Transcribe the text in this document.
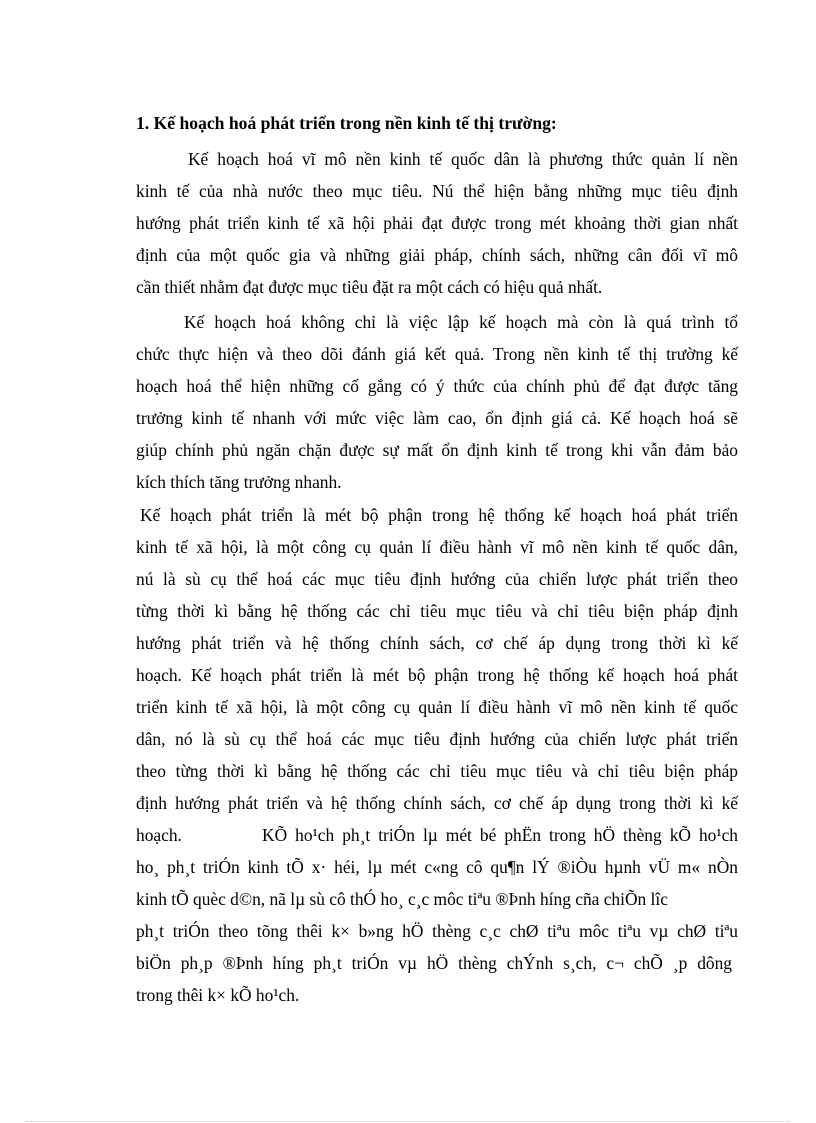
1. Kế hoạch hoá phát triển trong nền kinh tế thị trường:
Kế hoạch hoá vĩ mô nền kinh tế quốc dân là phương thức quản lí nền
kinh tế của nhà nước theo mục tiêu. Nú thể hiện bằng những mục tiêu định
hướng phát triển kinh tế xã hội phải đạt được trong mét khoảng thời gian nhất
định của một quốc gia và những giải pháp, chính sách, những cân đối vĩ mô
cần thiết nhằm đạt được mục tiêu đặt ra một cách có hiệu quả nhất.
Kế hoạch hoá không chỉ là việc lập kế hoạch mà còn là quá trình tổ
chức thực hiện và theo dõi đánh giá kết quả. Trong nền kinh tế thị trường kế
hoạch hoá thể hiện những cố gắng có ý thức của chính phủ để đạt được tăng
trưởng kinh tế nhanh với mức việc làm cao, ổn định giá cả. Kế hoạch hoá sẽ
giúp chính phủ ngăn chặn được sự mất ổn định kinh tế trong khi vẫn đảm bảo
kích thích tăng trưởng nhanh.
Kế hoạch phát triển là mét bộ phận trong hệ thống kế hoạch hoá phát triển
kinh tế xã hội, là một công cụ quản lí điều hành vĩ mô nền kinh tế quốc dân,
nú là sù cụ thể hoá các mục tiêu định hướng của chiến lược phát triển theo
từng thời kì bằng hệ thống các chỉ tiêu mục tiêu và chỉ tiêu biện pháp định
hướng phát triển và hệ thống chính sách, cơ chế áp dụng trong thời kì kế
hoạch. Kế hoạch phát triển là mét bộ phận trong hệ thống kế hoạch hoá phát
triển kinh tế xã hội, là một công cụ quản lí điều hành vĩ mô nền kinh tế quốc
dân, nó là sù cụ thể hoá các mục tiêu định hướng của chiến lược phát triển
theo từng thời kì bằng hệ thống các chỉ tiêu mục tiêu và chỉ tiêu biện pháp
định hướng phát triển và hệ thống chính sách, cơ chế áp dụng trong thời kì kế
hoạch.          KÕ ho¹ch ph¸t triÓn lµ mét bé phËn trong hÖ thèng kÕ ho¹ch
ho¸ ph¸t triÓn kinh tÕ x· héi, lµ mét c«ng cô qu¶n lÝ ®iÒu hµnh vÜ m« nÒn
kinh tÕ quèc d©n, nã lµ sù cô thÓ ho¸ c¸c môc tiªu ®Þnh híng cña chiÕn lîc
ph¸t triÓn theo tõng thêi k× b»ng hÖ thèng c¸c chØ tiªu môc tiªu vµ chØ tiªu
biÖn ph¸p ®Þnh híng ph¸t triÓn vµ hÖ thèng chÝnh s¸ch, c¬ chÕ ¸p dông
trong thêi k× kÕ ho¹ch.
